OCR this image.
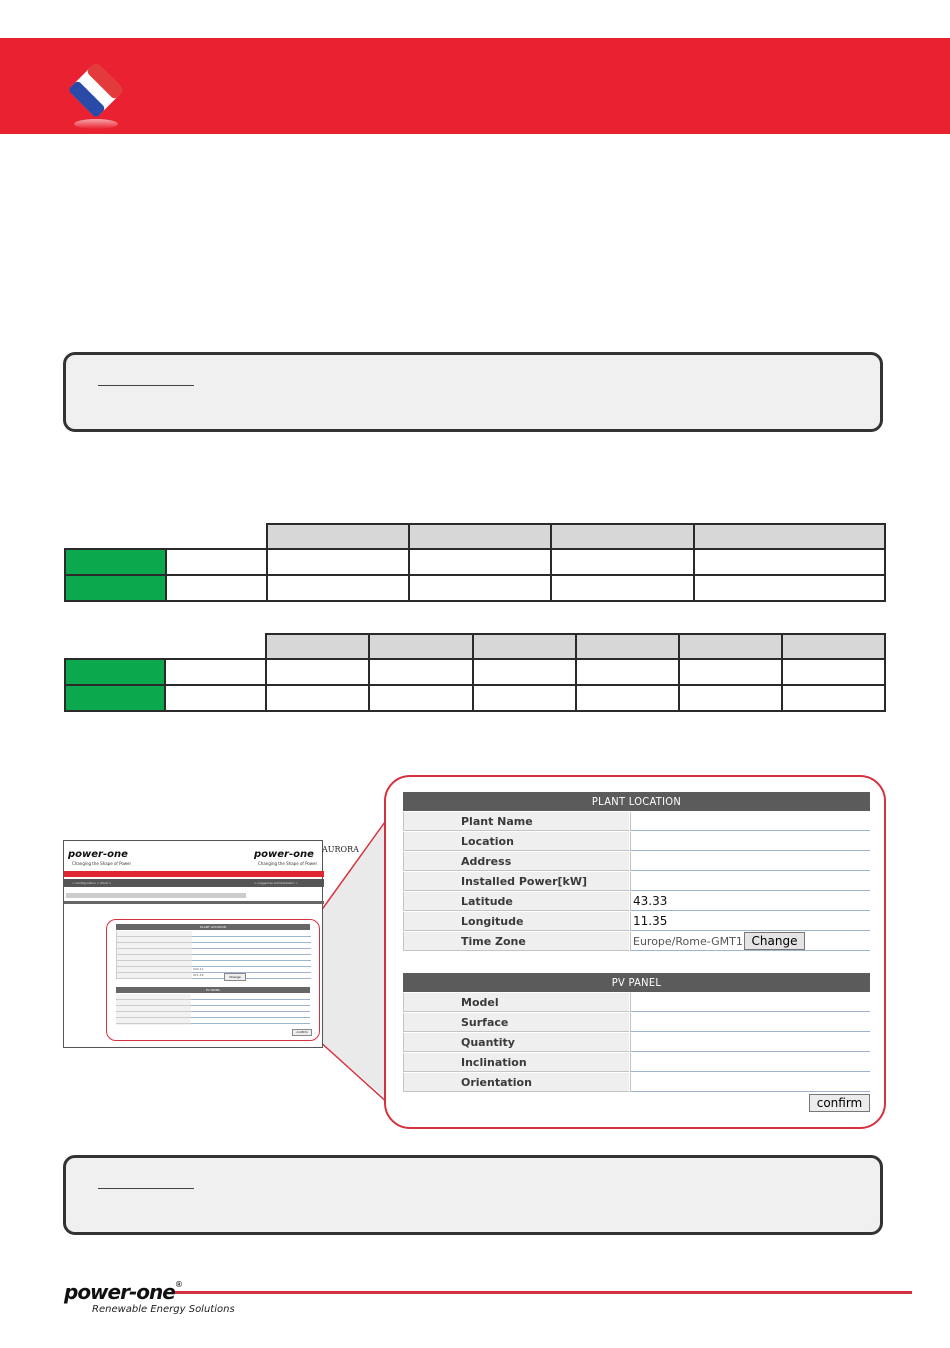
power-one
Changing the Shape of Power
power-one
Changing the Shape of Power
AURORA
> Configuration > Plant >	> Logged as Administrator >
PLANT LOCATION
043.11
011.54	Change
PV PANEL
confirm
PLANT LOCATION
Plant Name
Location
Address
Installed Power[kW]
Latitude	43.33
Longitude	11.35
Time Zone	Europe/Rome-GMT1 Change
PV PANEL
Model
Surface
Quantity
Inclination
Orientation
confirm
power-one®
Renewable Energy Solutions
